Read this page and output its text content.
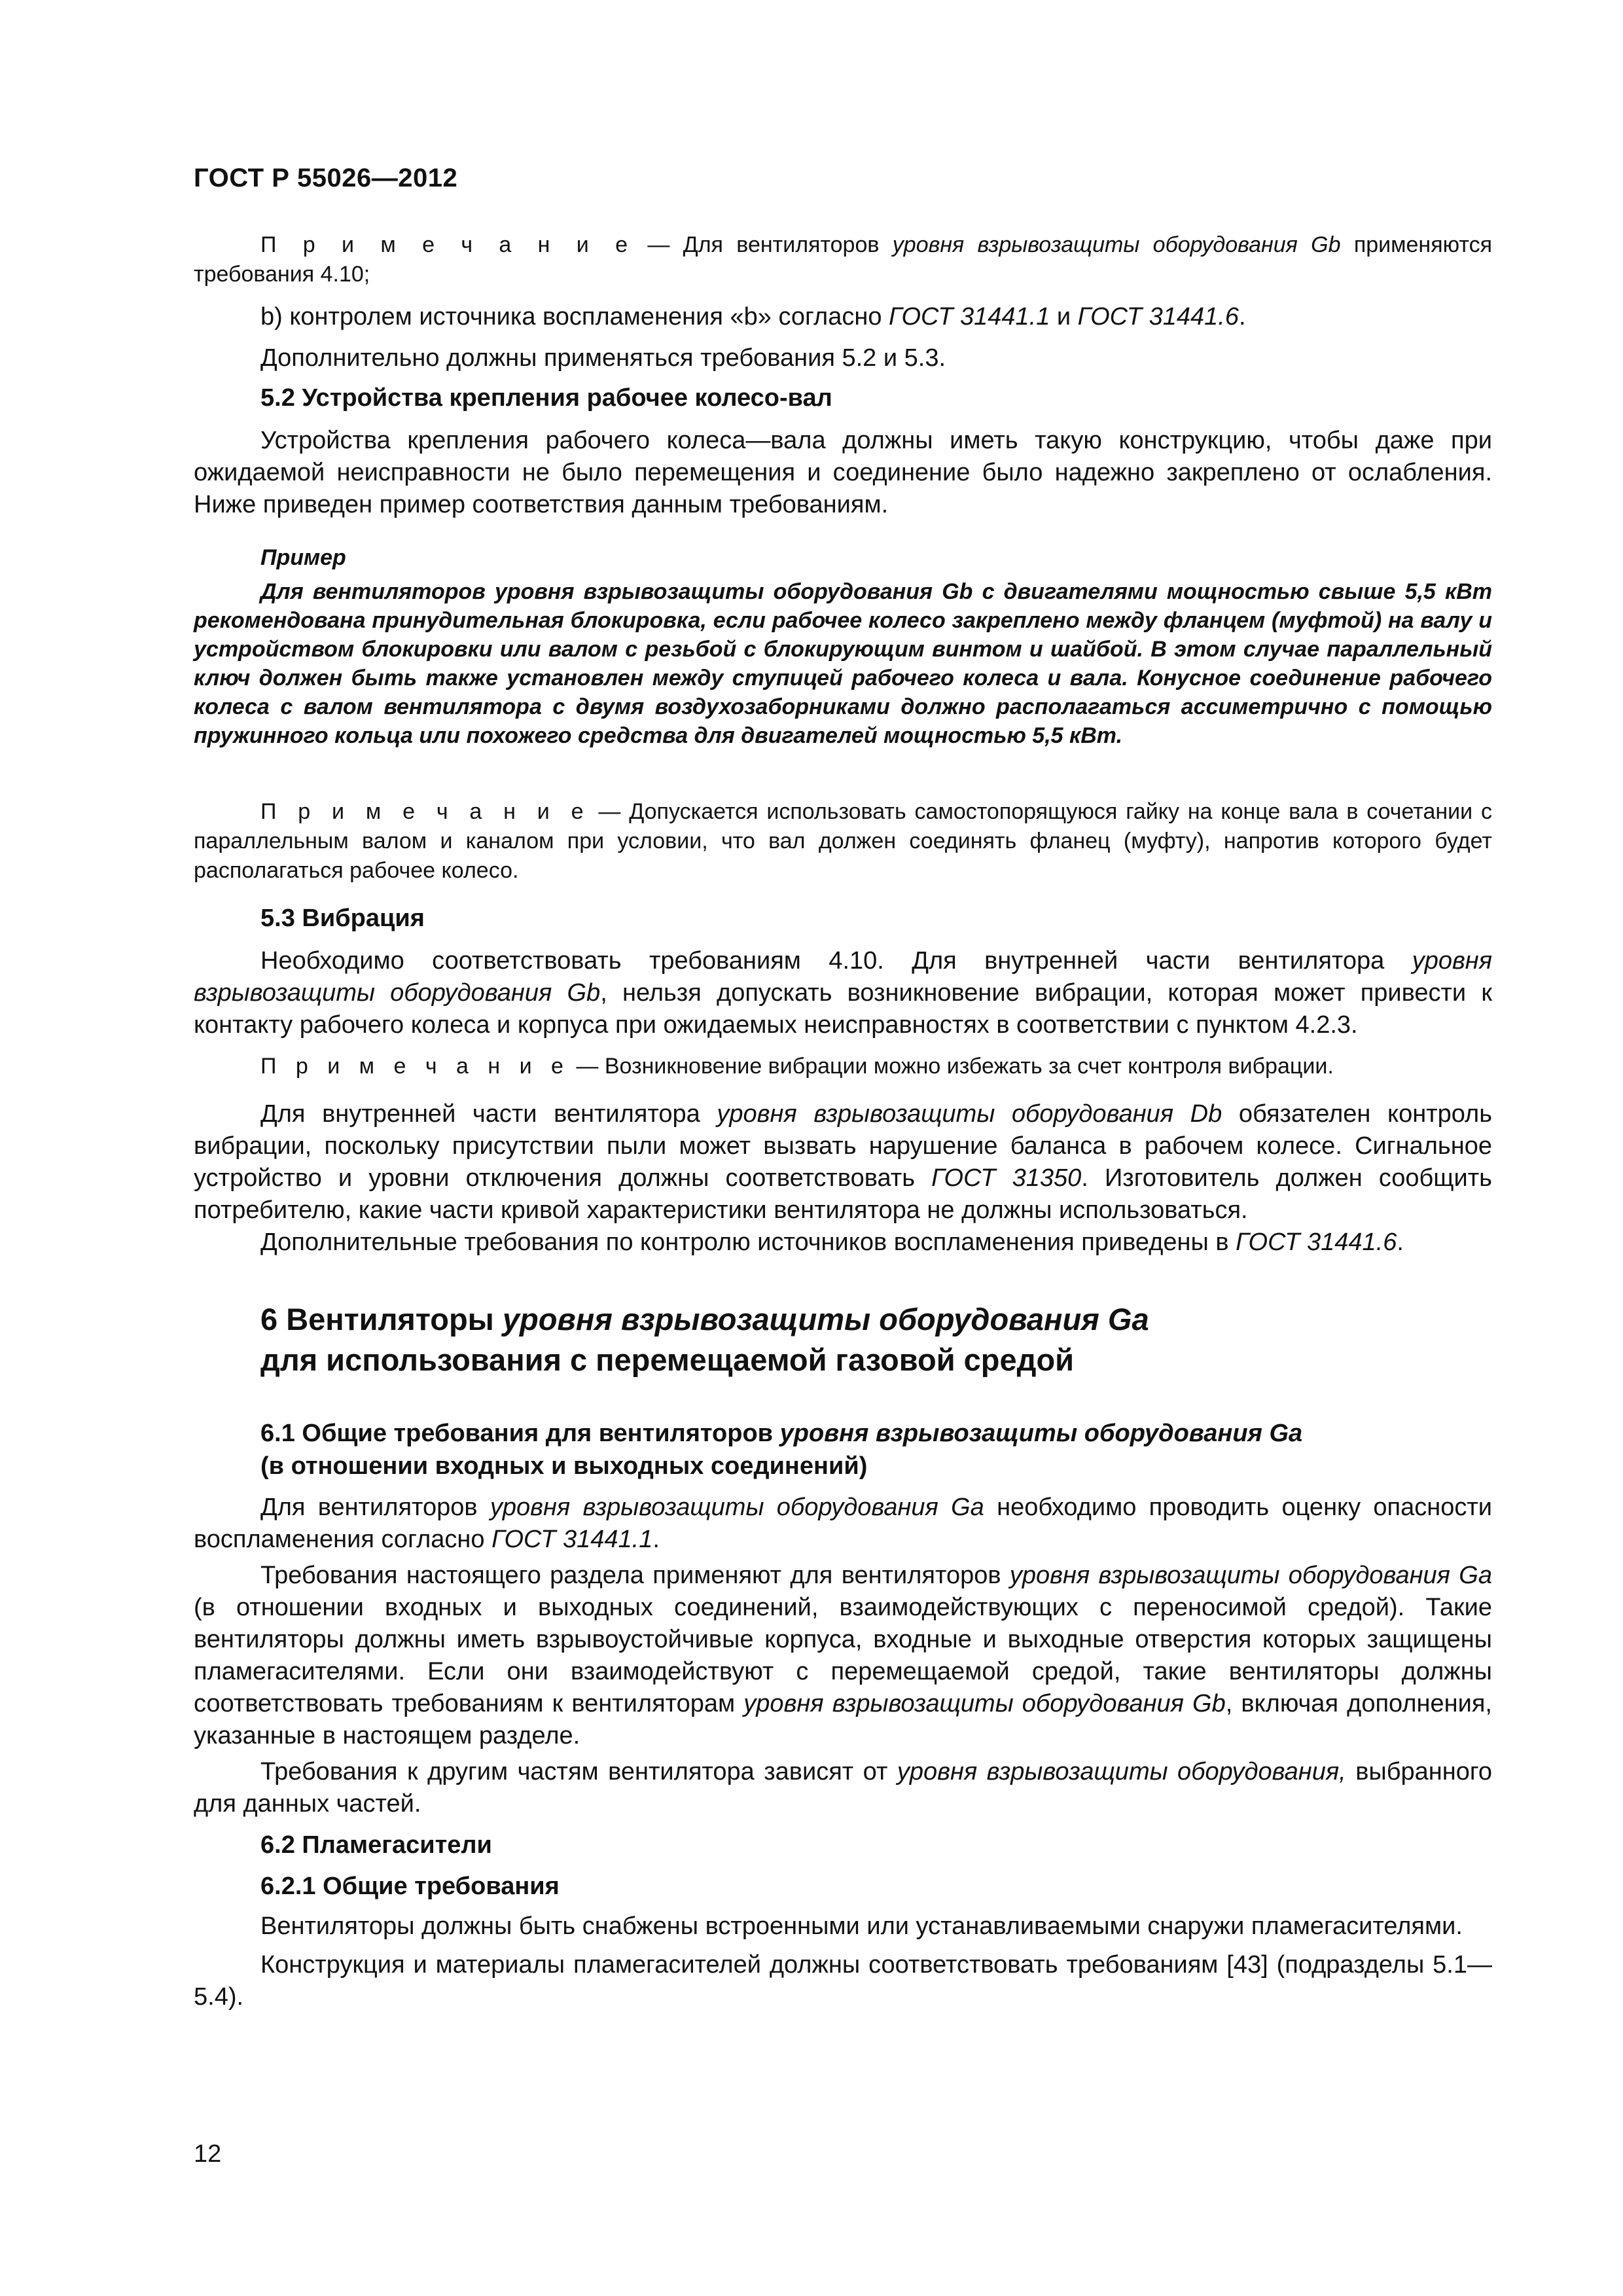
ГОСТ Р 55026—2012

П р и м е ч а н и е — Для вентиляторов уровня взрывозащиты оборудования Gb применяются требования 4.10;

b) контролем источника воспламенения «b» согласно ГОСТ 31441.1 и ГОСТ 31441.6.

Дополнительно должны применяться требования 5.2 и 5.3.

5.2 Устройства крепления рабочее колесо-вал

Устройства крепления рабочего колеса—вала должны иметь такую конструкцию, чтобы даже при ожидаемой неисправности не было перемещения и соединение было надежно закреплено от ослабления. Ниже приведен пример соответствия данным требованиям.

Пример
Для вентиляторов уровня взрывозащиты оборудования Gb с двигателями мощностью свыше 5,5 кВт рекомендована принудительная блокировка, если рабочее колесо закреплено между фланцем (муфтой) на валу и устройством блокировки или валом с резьбой с блокирующим винтом и шайбой. В этом случае параллельный ключ должен быть также установлен между ступицей рабочего колеса и вала. Конусное соединение рабочего колеса с валом вентилятора с двумя воздухозаборниками должно располагаться ассиметрично с помощью пружинного кольца или похожего средства для двигателей мощностью 5,5 кВт.

П р и м е ч а н и е — Допускается использовать самостопорящуюся гайку на конце вала в сочетании с параллельным валом и каналом при условии, что вал должен соединять фланец (муфту), напротив которого будет располагаться рабочее колесо.

5.3 Вибрация

Необходимо соответствовать требованиям 4.10. Для внутренней части вентилятора уровня взрывозащиты оборудования Gb, нельзя допускать возникновение вибрации, которая может привести к контакту рабочего колеса и корпуса при ожидаемых неисправностях в соответствии с пунктом 4.2.3.

П р и м е ч а н и е — Возникновение вибрации можно избежать за счет контроля вибрации.

Для внутренней части вентилятора уровня взрывозащиты оборудования Db обязателен контроль вибрации, поскольку присутствии пыли может вызвать нарушение баланса в рабочем колесе. Сигнальное устройство и уровни отключения должны соответствовать ГОСТ 31350. Изготовитель должен сообщить потребителю, какие части кривой характеристики вентилятора не должны использоваться.

Дополнительные требования по контролю источников воспламенения приведены в ГОСТ 31441.6.

6 Вентиляторы уровня взрывозащиты оборудования Ga
для использования с перемещаемой газовой средой
6.1 Общие требования для вентиляторов уровня взрывозащиты оборудования Ga
(в отношении входных и выходных соединений)

Для вентиляторов уровня взрывозащиты оборудования Ga необходимо проводить оценку опасности воспламенения согласно ГОСТ 31441.1.

Требования настоящего раздела применяют для вентиляторов уровня взрывозащиты оборудования Ga (в отношении входных и выходных соединений, взаимодействующих с переносимой средой). Такие вентиляторы должны иметь взрывоустойчивые корпуса, входные и выходные отверстия которых защищены пламегасителями. Если они взаимодействуют с перемещаемой средой, такие вентиляторы должны соответствовать требованиям к вентиляторам уровня взрывозащиты оборудования Gb, включая дополнения, указанные в настоящем разделе.

Требования к другим частям вентилятора зависят от уровня взрывозащиты оборудования, выбранного для данных частей.

6.2 Пламегасители
6.2.1 Общие требования

Вентиляторы должны быть снабжены встроенными или устанавливаемыми снаружи пламегасителями.

Конструкция и материалы пламегасителей должны соответствовать требованиям [43] (подразделы 5.1—5.4).

12
